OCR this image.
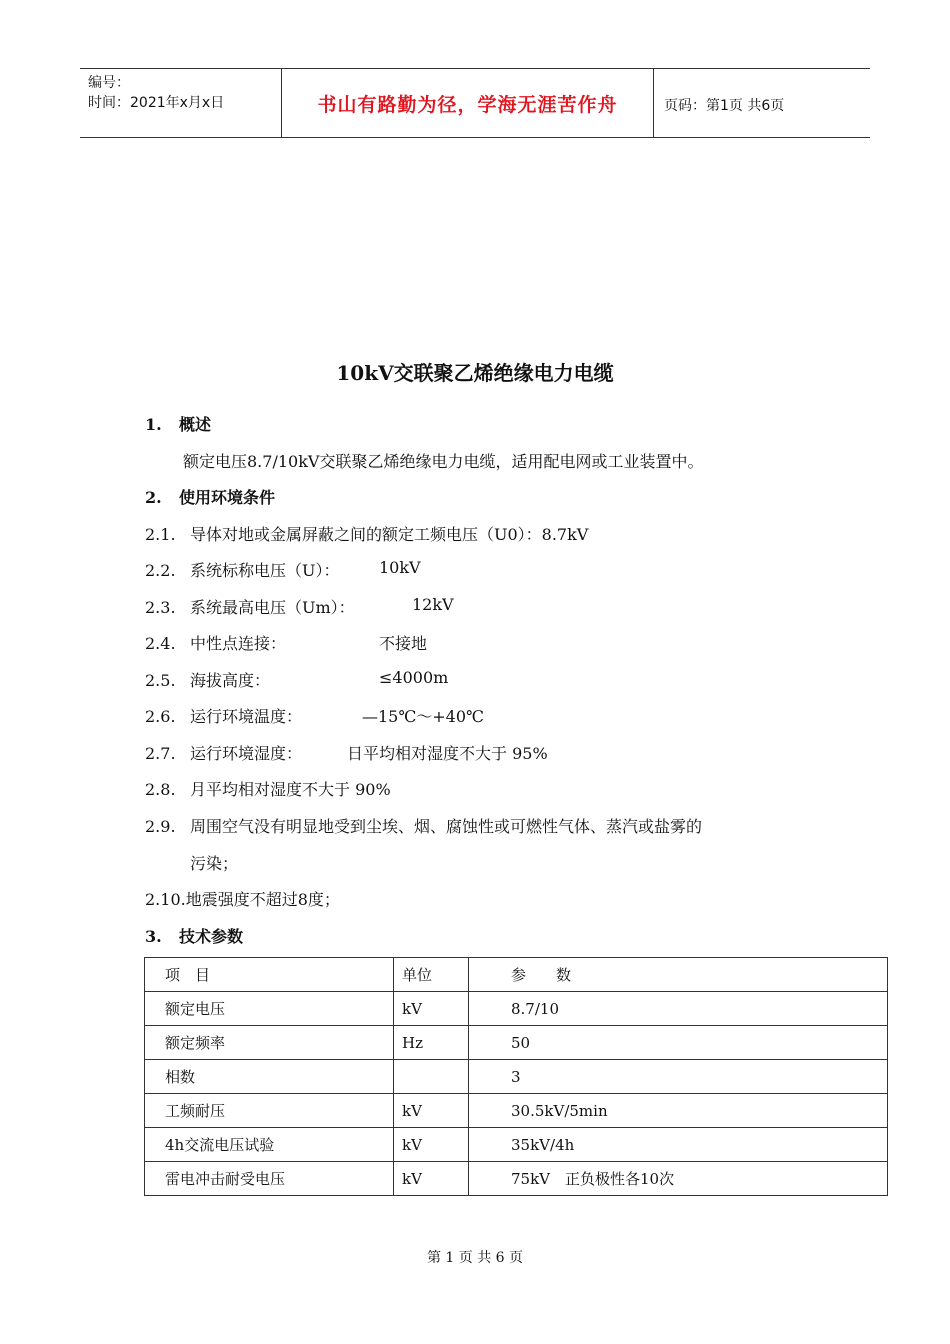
编号：
时间：2021年x月x日	书山有路勤为径，学海无涯苦作舟	页码：第1页 共6页
10kV交联聚乙烯绝缘电力电缆
1. 概述
额定电压8.7/10kV交联聚乙烯绝缘电力电缆，适用配电网或工业装置中。
2. 使用环境条件
2.1. 导体对地或金属屏蔽之间的额定工频电压（U0）：8.7kV
2.2. 系统标称电压（U）： 10kV
2.3. 系统最高电压（Um）：	12kV
2.4. 中性点连接：	不接地
2.5. 海拔高度：	≤4000m
2.6. 运行环境温度：	—15℃～+40℃
2.7. 运行环境湿度：	日平均相对湿度不大于 95%
2.8. 月平均相对湿度不大于 90%
2.9. 周围空气没有明显地受到尘埃、烟、腐蚀性或可燃性气体、蒸汽或盐雾的
污染；
2.10.地震强度不超过8度；
3. 技术参数
项　目	单位	参　　数
额定电压	kV	8.7/10
额定频率	Hz	50
相数		3
工频耐压	kV	30.5kV/5min
4h交流电压试验	kV	35kV/4h
雷电冲击耐受电压	kV	75kV　正负极性各10次
第 1 页 共 6 页
